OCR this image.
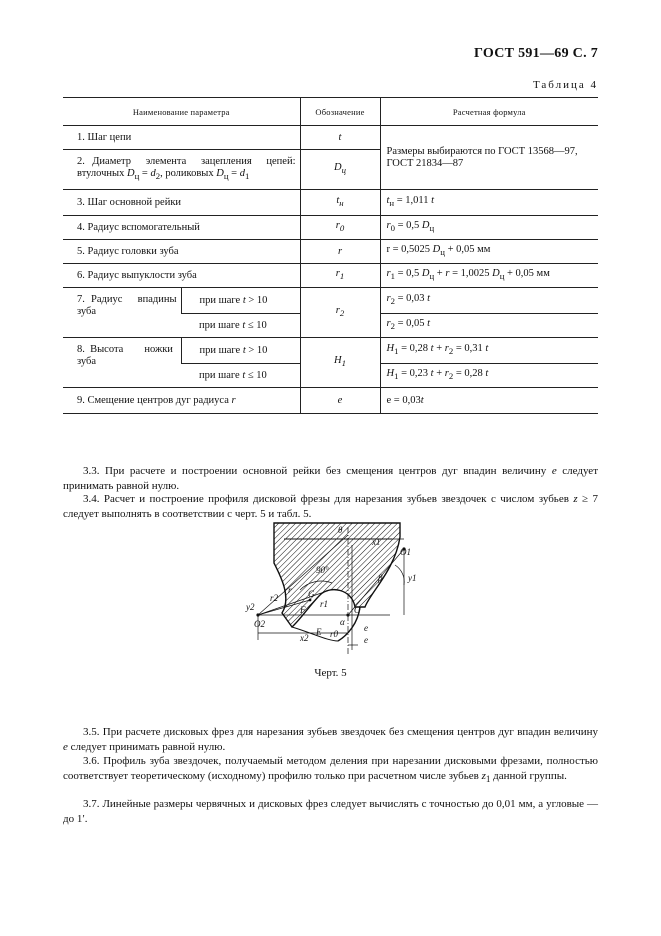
ГОСТ 591—69 С. 7
Таблица 4
Наименование параметра		Обозначение	Расчетная формула
1. Шаг цепи		t	Размеры выбираются по ГОСТ 13568—97, ГОСТ 21834—87
2. Диаметр  элемента  зацепления  цепей: втулочных $D_ц = d_2$, роликовых $D_ц = d_1$		$D_ц$
3. Шаг основной рейки		$t_н$	$t_н = 1,011$ t
4. Радиус вспомогательный		$r_0$	$r_0 = 0,5$ $D_ц$
5. Радиус головки зуба		r	r = 0,5025 $D_ц + 0,05$ мм
6. Радиус выпуклости зуба		$r_1$	$r_1 = 0,5$ $D_ц + r = 1,0025$ $D_ц + 0,05$ мм
7.  Радиус     впадины зуба	при шаге t > 10	$r_2$	$r_2 = 0,03$ t
	при шаге t ≤ 10		$r_2 = 0,05$ t
8.  Высота        ножки зуба	при шаге t > 10	$H_1$	$H_1 = 0,28$ $t + r_2 = 0,31$ t
	при шаге t ≤ 10		$H_1 = 0,23$ $t + r_2 = 0,28$ t
9. Смещение центров дуг радиуса r		e	e = 0,03t

3.3. При расчете и построении основной рейки без смещения центров дуг впадин величину e следует принимать равной нулю.

3.4. Расчет и построение профиля дисковой фрезы для нарезания зубьев звездочек с числом зубьев z ≥ 7 следует выполнять в соответствии с черт. 5 и табл. 5.

θ
x1
O1
y1
β
90°
r2
r G
F
r1
O
α
r0
y2
O2
E
x2
e
e
Черт. 5

3.5. При расчете дисковых фрез для нарезания зубьев звездочек без смещения центров дуг впадин величину e следует принимать равной нулю.

3.6. Профиль зуба звездочек, получаемый методом деления при нарезании дисковыми фрезами, полностью соответствует теоретическому (исходному) профилю только при расчетном числе зубьев $z_1$ данной группы.

3.7. Линейные размеры червячных и дисковых фрез следует вычислять с точностью до 0,01 мм, а угловые — до 1′.
